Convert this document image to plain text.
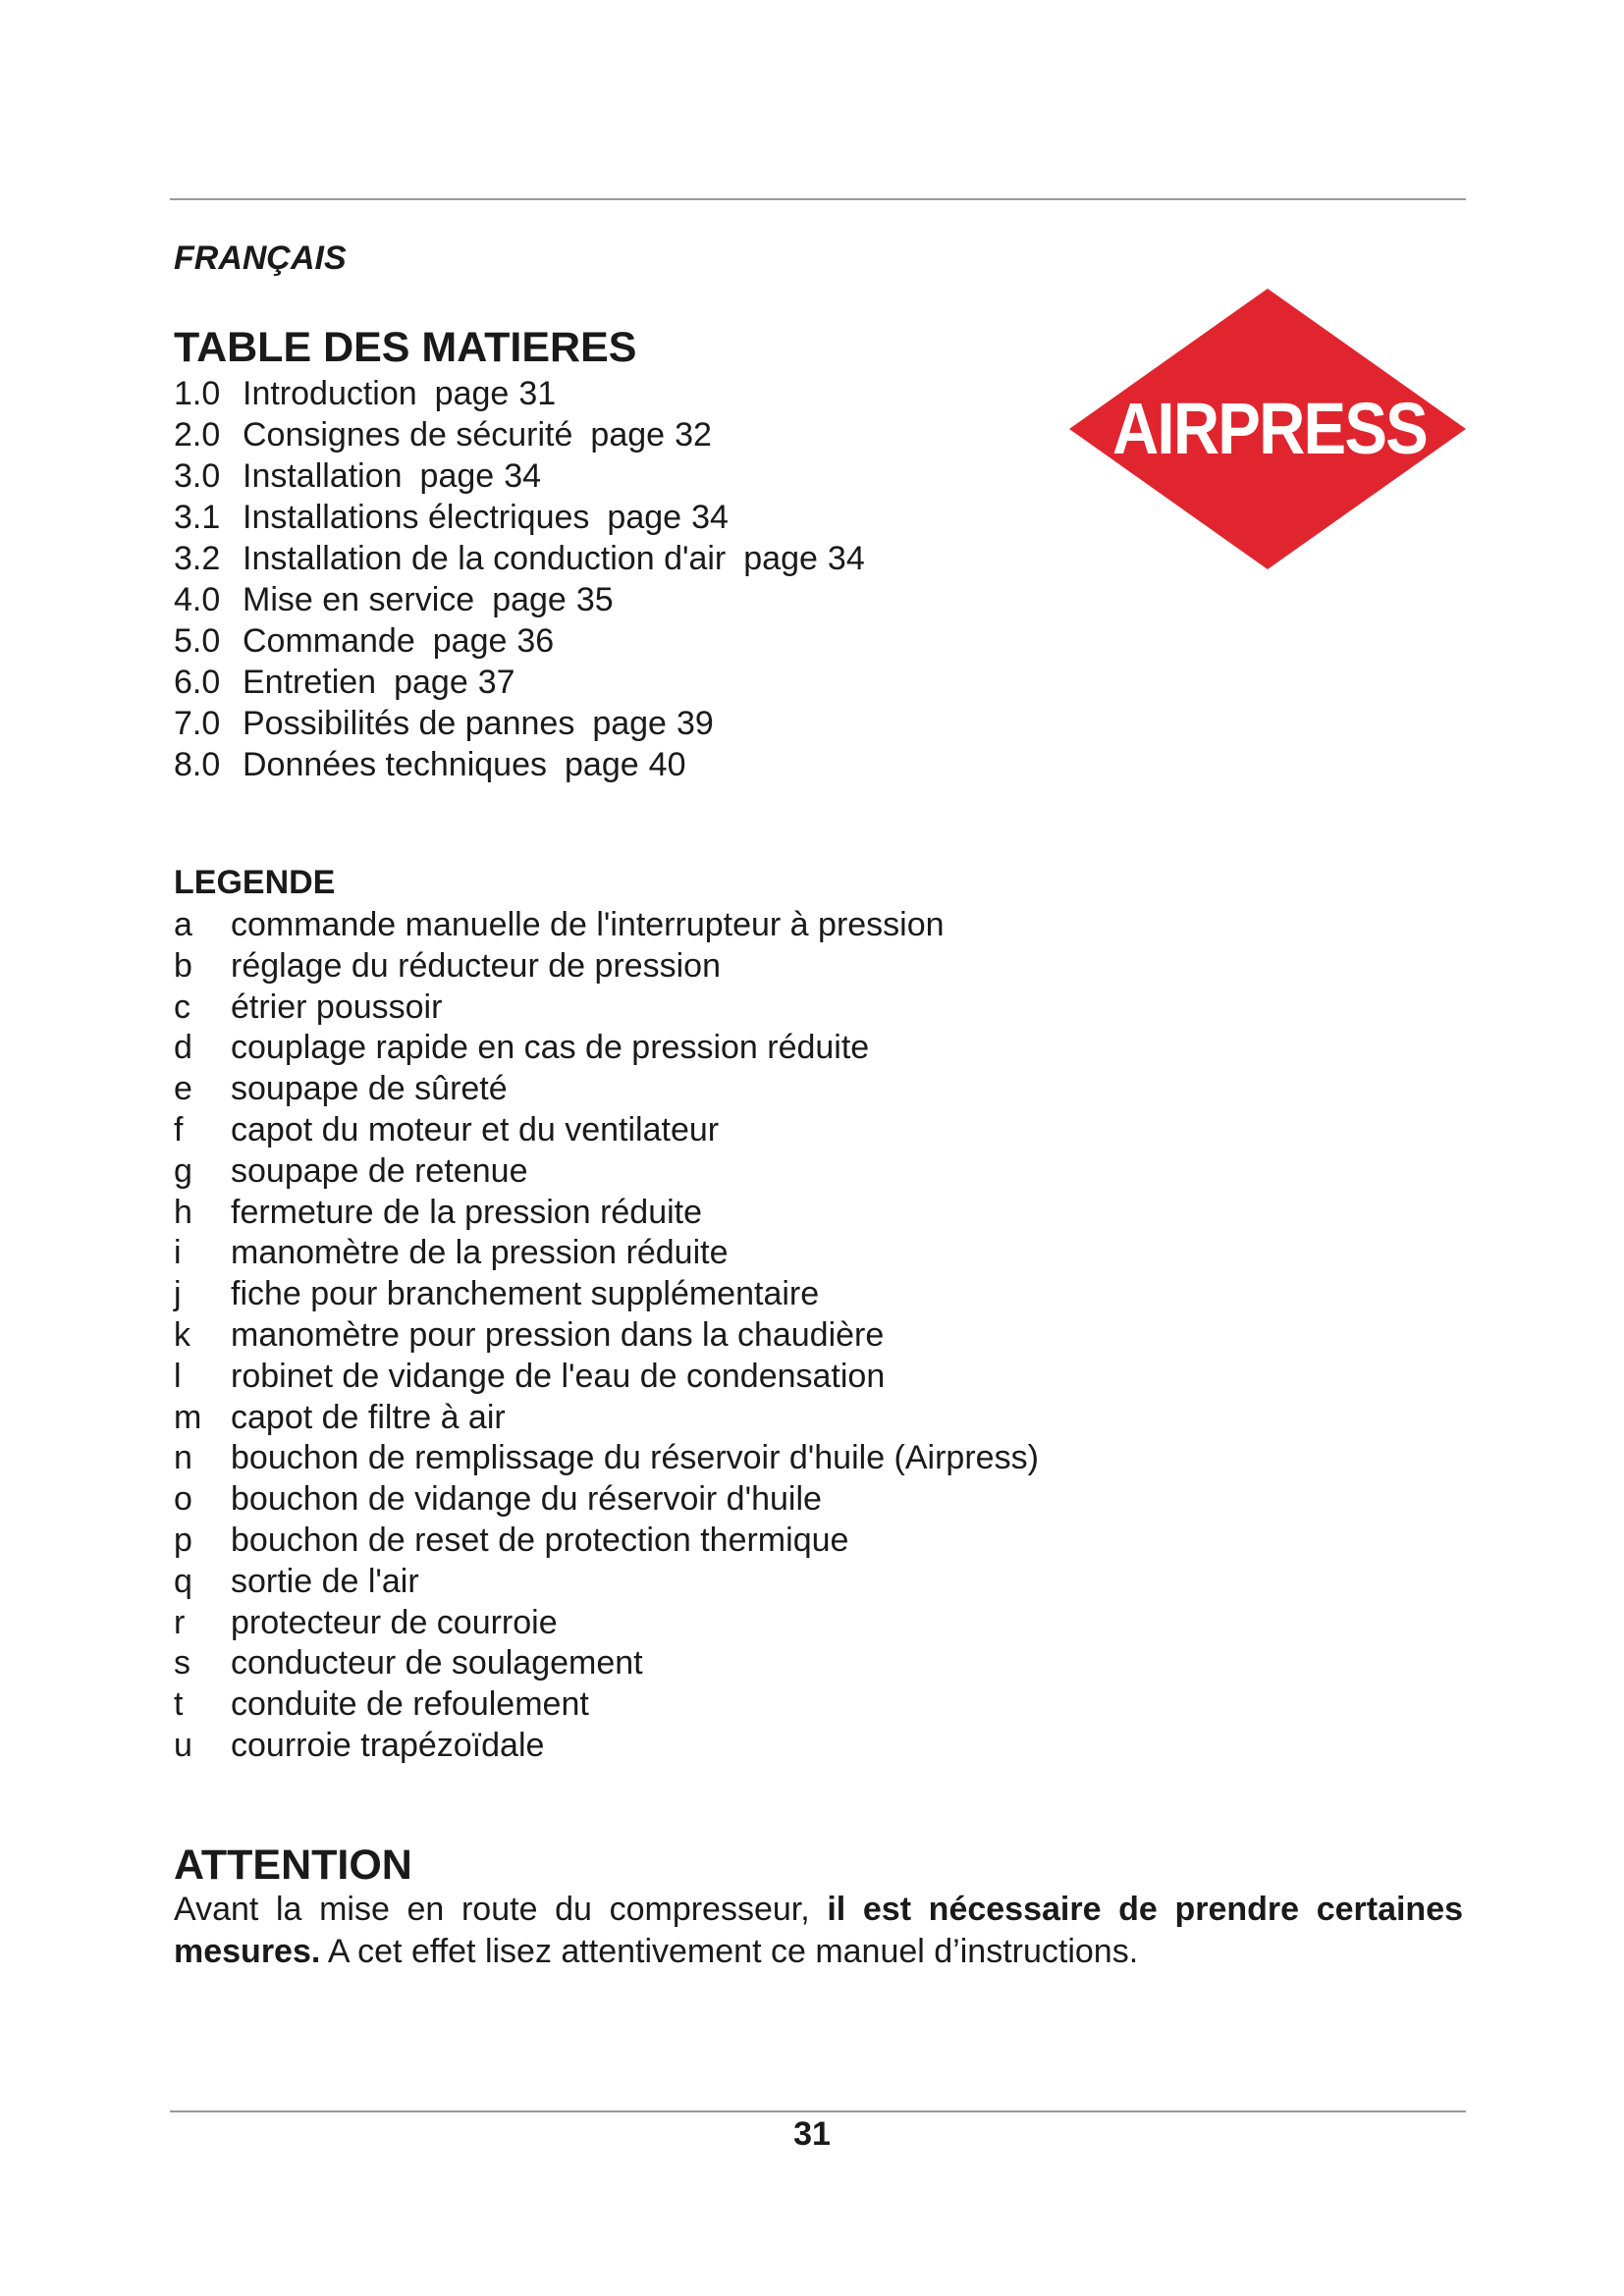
FRANÇAIS
TABLE DES MATIERES
1.0 Introduction page 31
2.0 Consignes de sécurité page 32
3.0 Installation page 34
3.1 Installations électriques page 34
3.2 Installation de la conduction d'air page 34
4.0 Mise en service page 35
5.0 Commande page 36
6.0 Entretien page 37
7.0 Possibilités de pannes page 39
8.0 Données techniques page 40
AIRPRESS
LEGENDE
a commande manuelle de l'interrupteur à pression
b réglage du réducteur de pression
c étrier poussoir
d couplage rapide en cas de pression réduite
e soupape de sûreté
f capot du moteur et du ventilateur
g soupape de retenue
h fermeture de la pression réduite
i manomètre de la pression réduite
j fiche pour branchement supplémentaire
k manomètre pour pression dans la chaudière
l robinet de vidange de l'eau de condensation
m capot de filtre à air
n bouchon de remplissage du réservoir d'huile (Airpress)
o bouchon de vidange du réservoir d'huile
p bouchon de reset de protection thermique
q sortie de l'air
r protecteur de courroie
s conducteur de soulagement
t conduite de refoulement
u courroie trapézoïdale
ATTENTION
Avant la mise en route du compresseur, il est nécessaire de prendre certaines mesures. A cet effet lisez attentivement ce manuel d’instructions.
31
